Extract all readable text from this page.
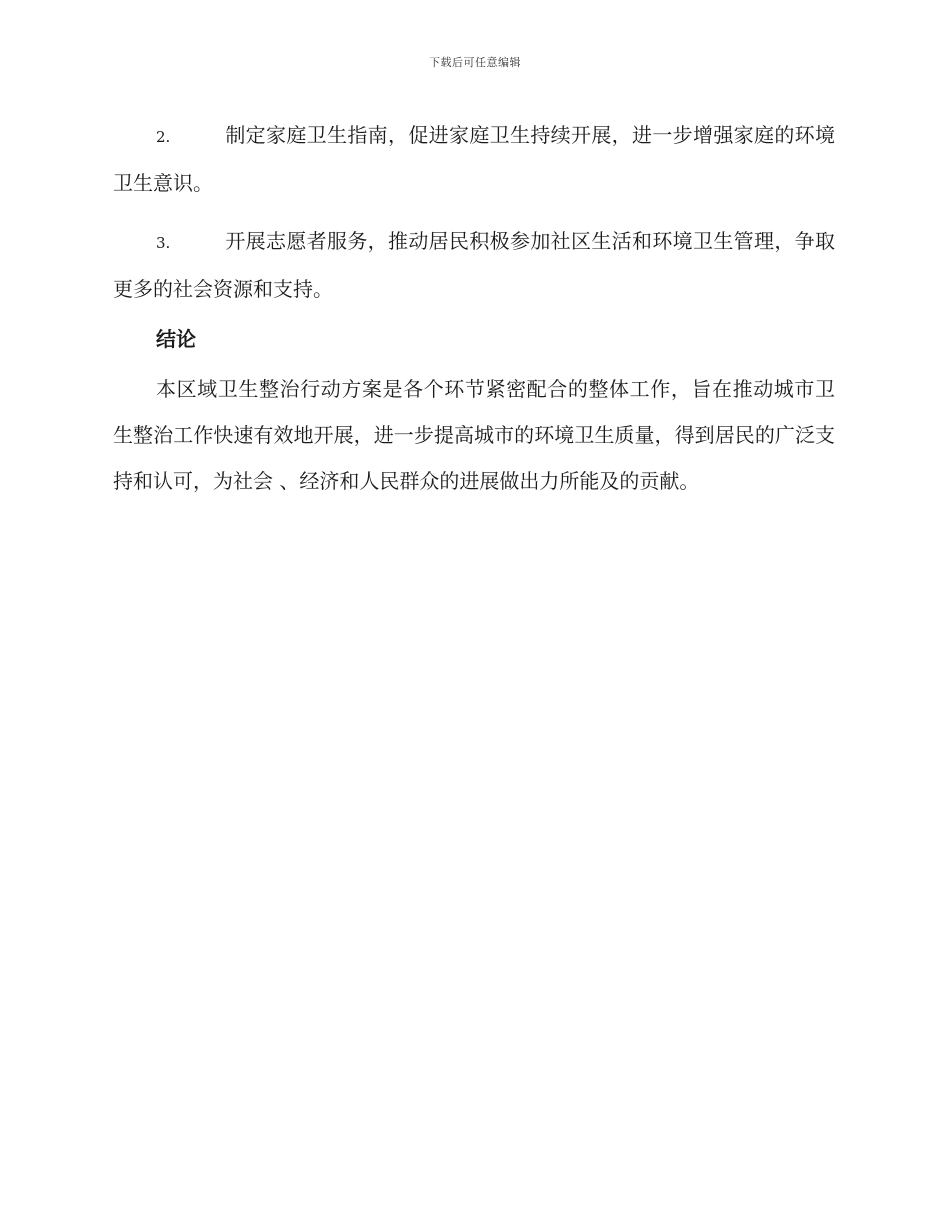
下载后可任意编辑

2.	制定家庭卫生指南，促进家庭卫生持续开展，进一步增强家庭的环境卫生意识。

3.	开展志愿者服务，推动居民积极参加社区生活和环境卫生管理，争取更多的社会资源和支持。

结论

本区域卫生整治行动方案是各个环节紧密配合的整体工作，旨在推动城市卫生整治工作快速有效地开展，进一步提高城市的环境卫生质量，得到居民的广泛支持和认可，为社会 、经济和人民群众的进展做出力所能及的贡献。
